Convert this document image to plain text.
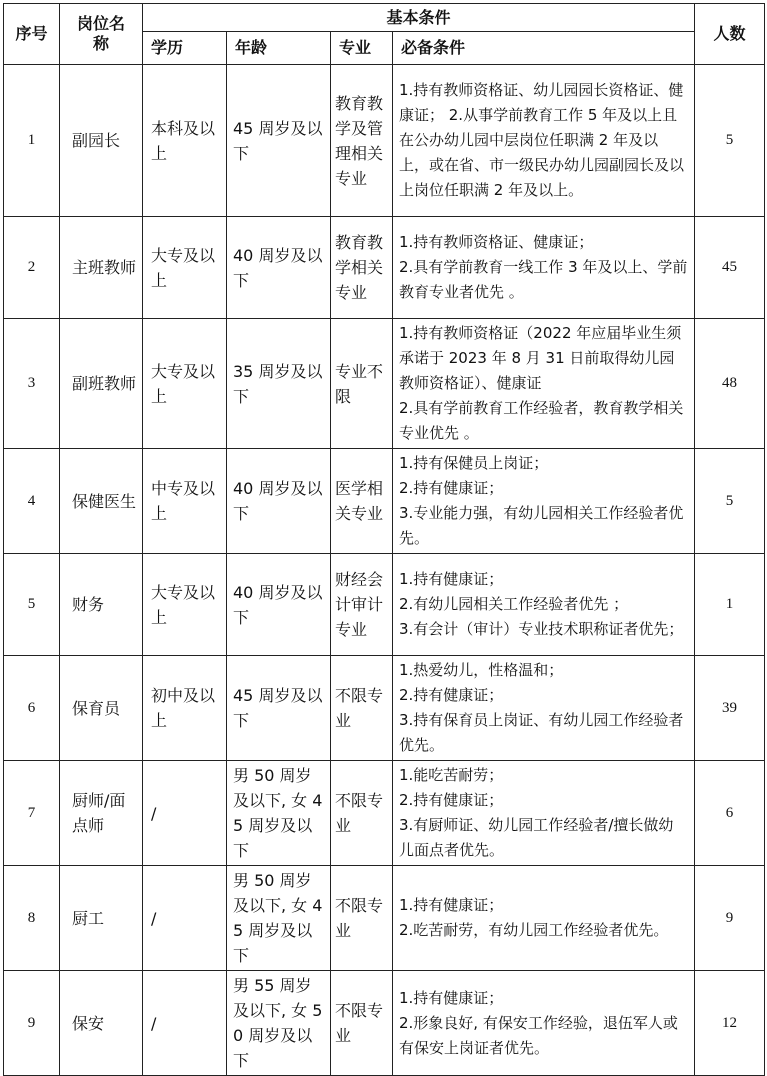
序号	岗位名称	基本条件				人数
		学历	年龄	专业	必备条件	
1	副园长	本科及以上	45 周岁及以下	教育教学及管理相关专业	1.持有教师资格证、幼儿园园长资格证、健康证； 2.从事学前教育工作 5 年及以上且在公办幼儿园中层岗位任职满 2 年及以上，或在省、市一级民办幼儿园副园长及以上岗位任职满 2 年及以上。	5
2	主班教师	大专及以上	40 周岁及以下	教育教学相关专业	1.持有教师资格证、健康证；
2.具有学前教育一线工作 3 年及以上、学前教育专业者优先 。	45
3	副班教师	大专及以上	35 周岁及以下	专业不限	1.持有教师资格证（2022 年应届毕业生须承诺于 2023 年 8 月 31 日前取得幼儿园教师资格证）、健康证
2.具有学前教育工作经验者，教育教学相关专业优先 。	48
4	保健医生	中专及以上	40 周岁及以下	医学相关专业	1.持有保健员上岗证；
2.持有健康证；
3.专业能力强，有幼儿园相关工作经验者优先。	5
5	财务	大专及以上	40 周岁及以下	财经会计审计专业	1.持有健康证；
2.有幼儿园相关工作经验者优先 ；
3.有会计（审计）专业技术职称证者优先；	1
6	保育员	初中及以上	45 周岁及以下	不限专业	1.热爱幼儿，性格温和；
2.持有健康证；
3.持有保育员上岗证、有幼儿园工作经验者优先。	39
7	厨师/面点师	/	男 50 周岁及以下, 女 45 周岁及以下	不限专业	1.能吃苦耐劳；
2.持有健康证；
3.有厨师证、幼儿园工作经验者/擅长做幼儿面点者优先。	6
8	厨工	/	男 50 周岁及以下, 女 45 周岁及以下	不限专业	1.持有健康证；
2.吃苦耐劳，有幼儿园工作经验者优先。	9
9	保安	/	男 55 周岁及以下, 女 50 周岁及以下	不限专业	1.持有健康证；
2.形象良好, 有保安工作经验，退伍军人或有保安上岗证者优先。	12
